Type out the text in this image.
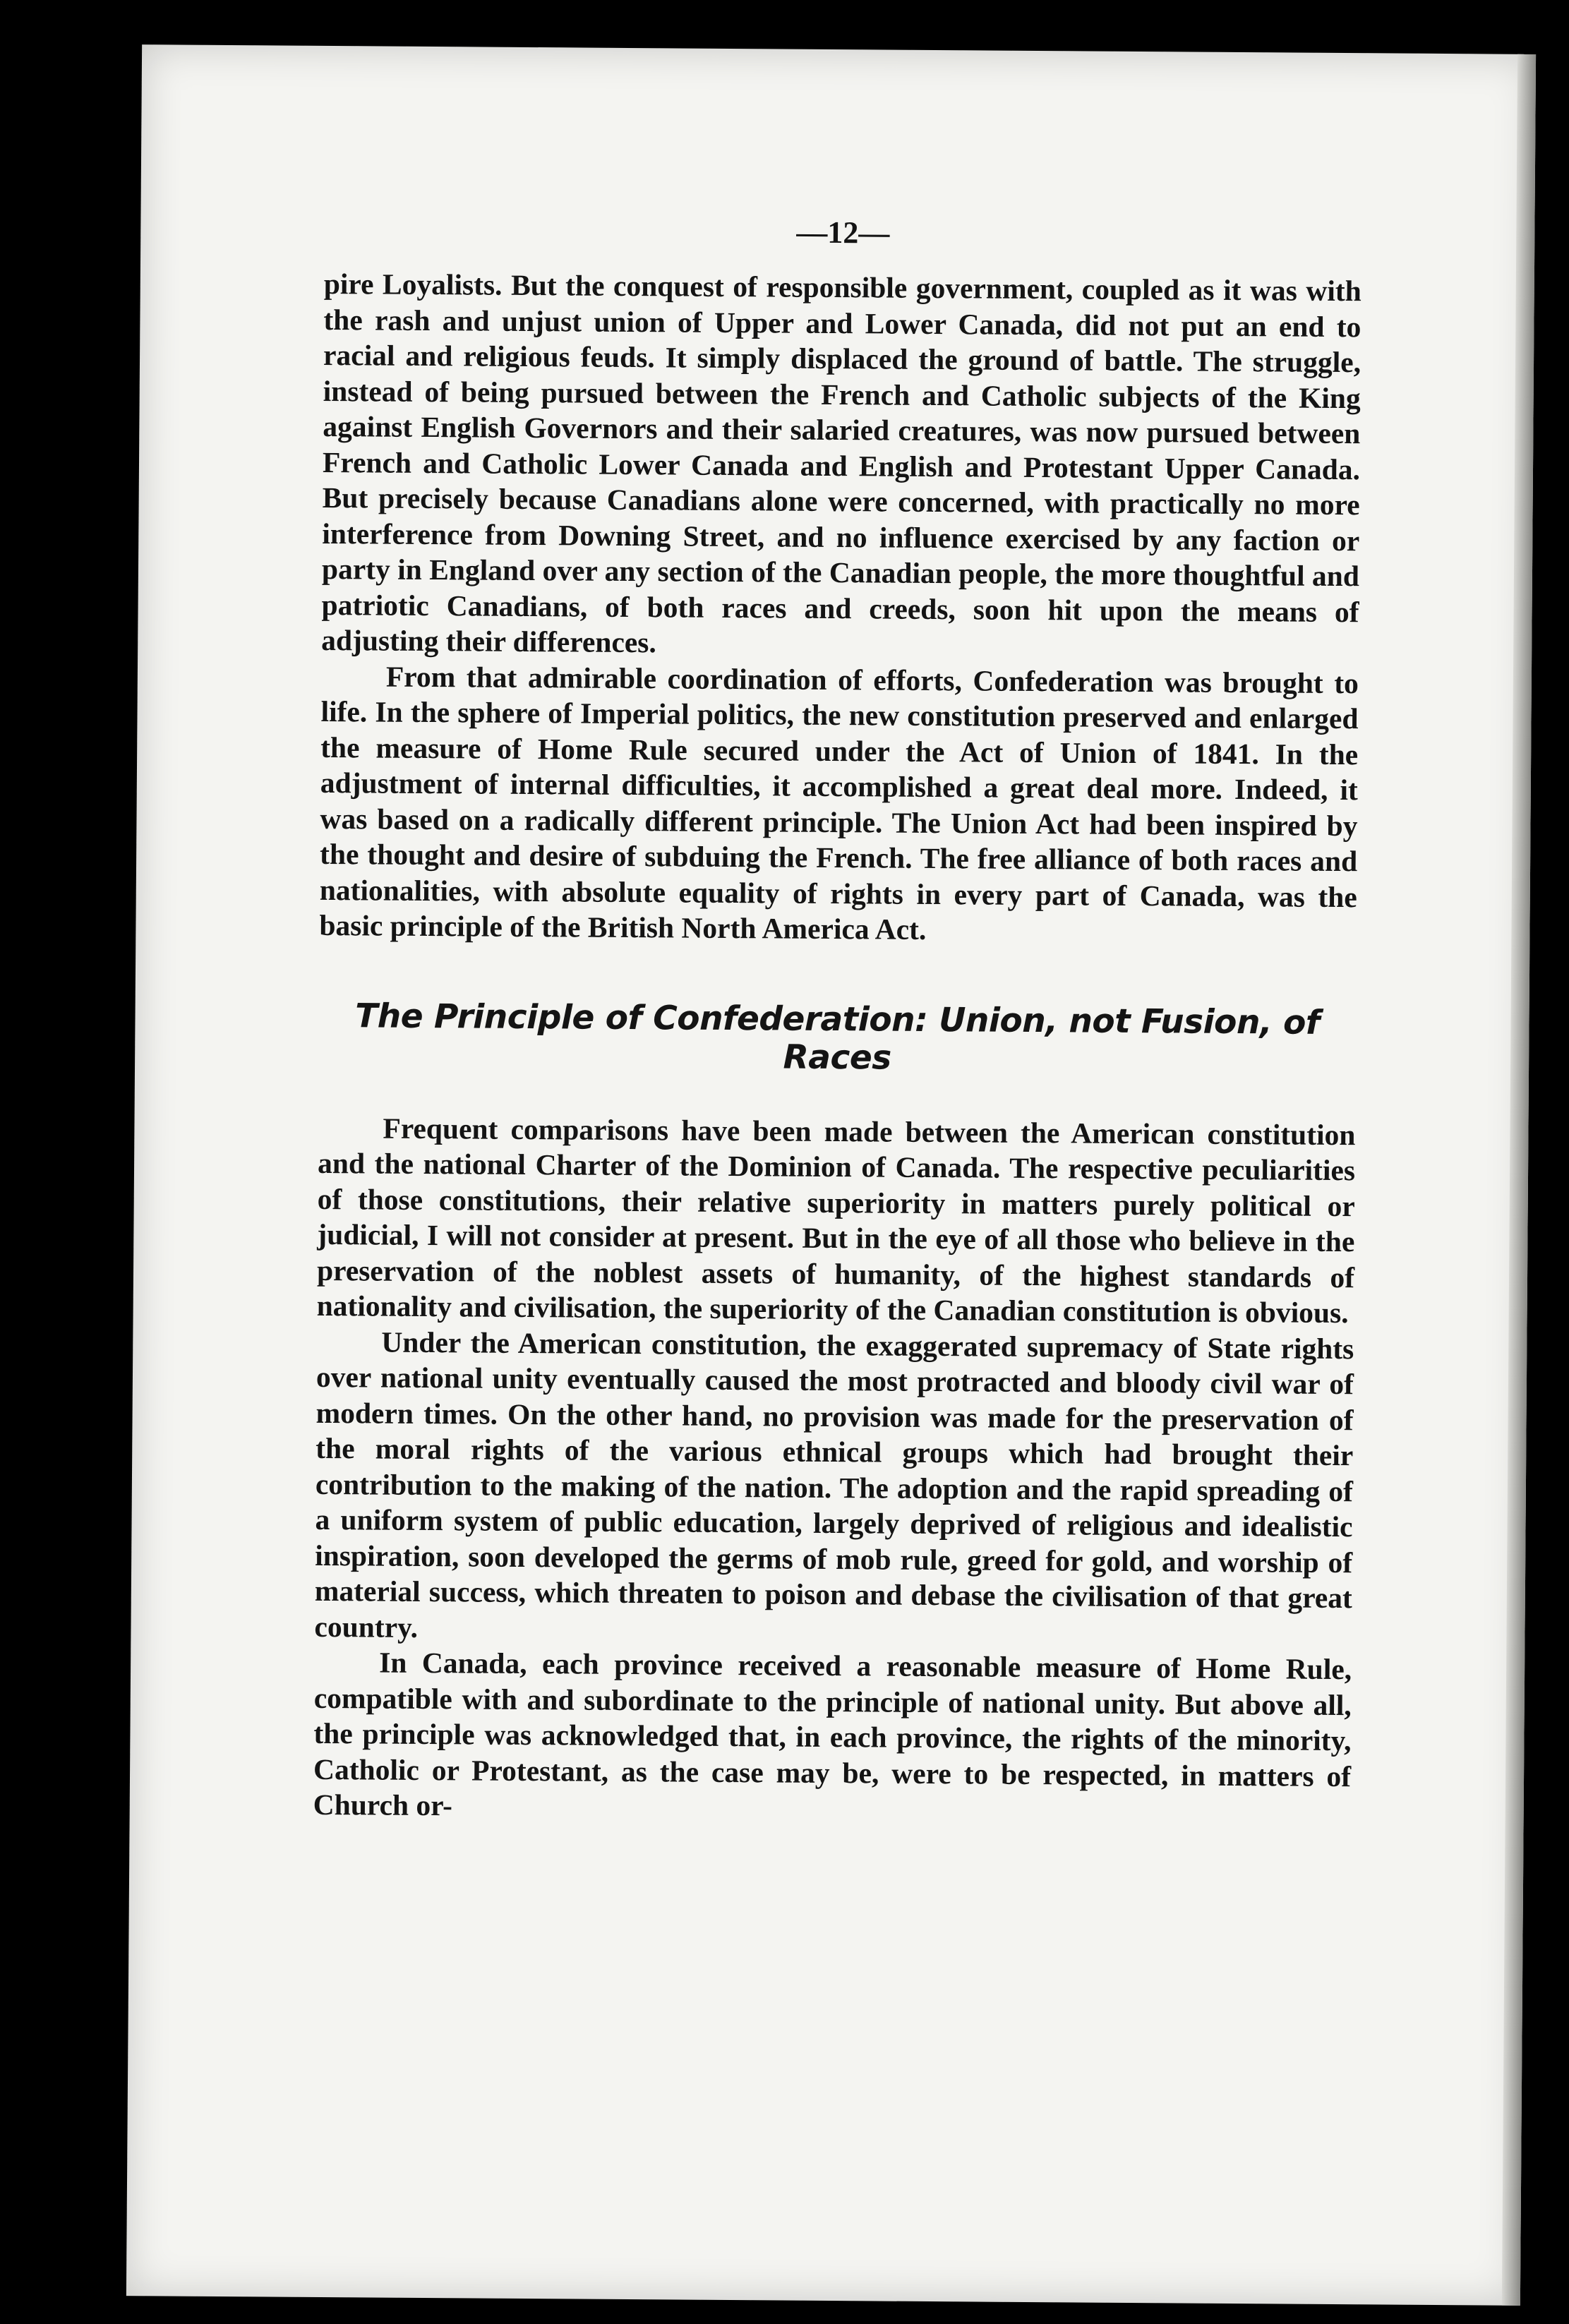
—12—

pire Loyalists. But the conquest of responsible government, coupled as it was with the rash and unjust union of Upper and Lower Canada, did not put an end to racial and religious feuds. It simply displaced the ground of battle. The struggle, instead of being pursued between the French and Catholic subjects of the King against English Governors and their salaried creatures, was now pursued between French and Catholic Lower Canada and English and Protestant Upper Canada. But precisely because Canadians alone were concerned, with practically no more interference from Downing Street, and no influence exercised by any faction or party in England over any section of the Canadian people, the more thoughtful and patriotic Canadians, of both races and creeds, soon hit upon the means of adjusting their differences.

From that admirable coordination of efforts, Confederation was brought to life. In the sphere of Imperial politics, the new constitution preserved and enlarged the measure of Home Rule secured under the Act of Union of 1841. In the adjustment of internal difficulties, it accomplished a great deal more. Indeed, it was based on a radically different principle. The Union Act had been inspired by the thought and desire of subduing the French. The free alliance of both races and nationalities, with absolute equality of rights in every part of Canada, was the basic principle of the British North America Act.

The Principle of Confederation: Union, not Fusion, of
Races

Frequent comparisons have been made between the American constitution and the national Charter of the Dominion of Canada. The respective peculiarities of those constitutions, their relative superiority in matters purely political or judicial, I will not consider at present. But in the eye of all those who believe in the preservation of the noblest assets of humanity, of the highest standards of nationality and civilisation, the superiority of the Canadian constitution is obvious.

Under the American constitution, the exaggerated supremacy of State rights over national unity eventually caused the most protracted and bloody civil war of modern times. On the other hand, no provision was made for the preservation of the moral rights of the various ethnical groups which had brought their contribution to the making of the nation. The adoption and the rapid spreading of a uniform system of public education, largely deprived of religious and idealistic inspiration, soon developed the germs of mob rule, greed for gold, and worship of material success, which threaten to poison and debase the civilisation of that great country.

In Canada, each province received a reasonable measure of Home Rule, compatible with and subordinate to the principle of national unity. But above all, the principle was acknowledged that, in each province, the rights of the minority, Catholic or Protestant, as the case may be, were to be respected, in matters of Church or-
